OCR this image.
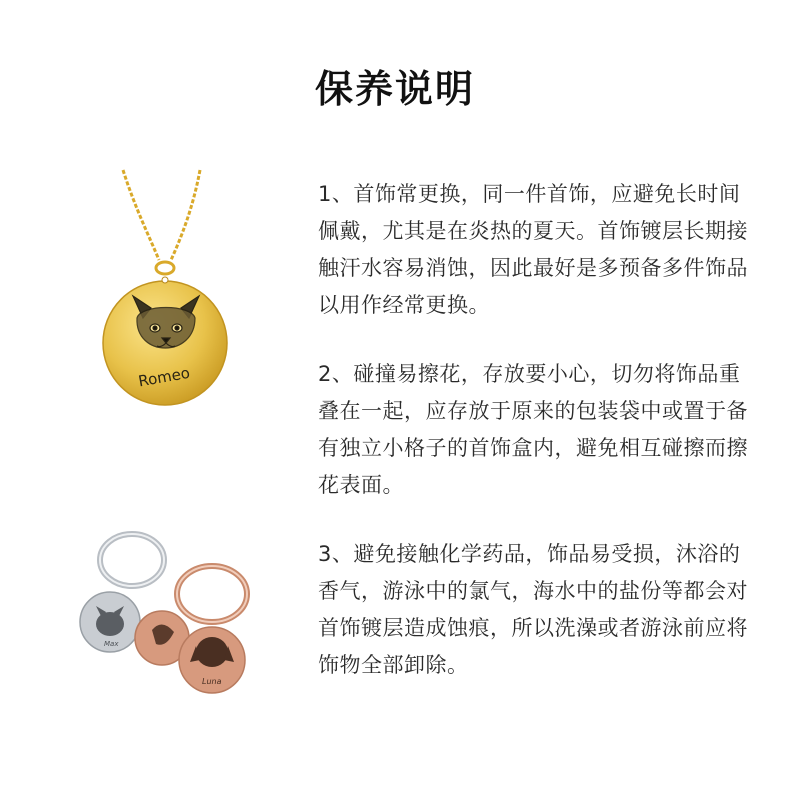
保养说明
Romeo
Max
Luna
1、首饰常更换，同一件首饰，应避免长时间佩戴，尤其是在炎热的夏天。首饰镀层长期接触汗水容易消蚀，因此最好是多预备多件饰品以用作经常更换。
2、碰撞易擦花，存放要小心，切勿将饰品重叠在一起，应存放于原来的包装袋中或置于备有独立小格子的首饰盒内，避免相互碰擦而擦花表面。
3、避免接触化学药品，饰品易受损，沐浴的香气，游泳中的氯气，海水中的盐份等都会对首饰镀层造成蚀痕，所以洗澡或者游泳前应将饰物全部卸除。
